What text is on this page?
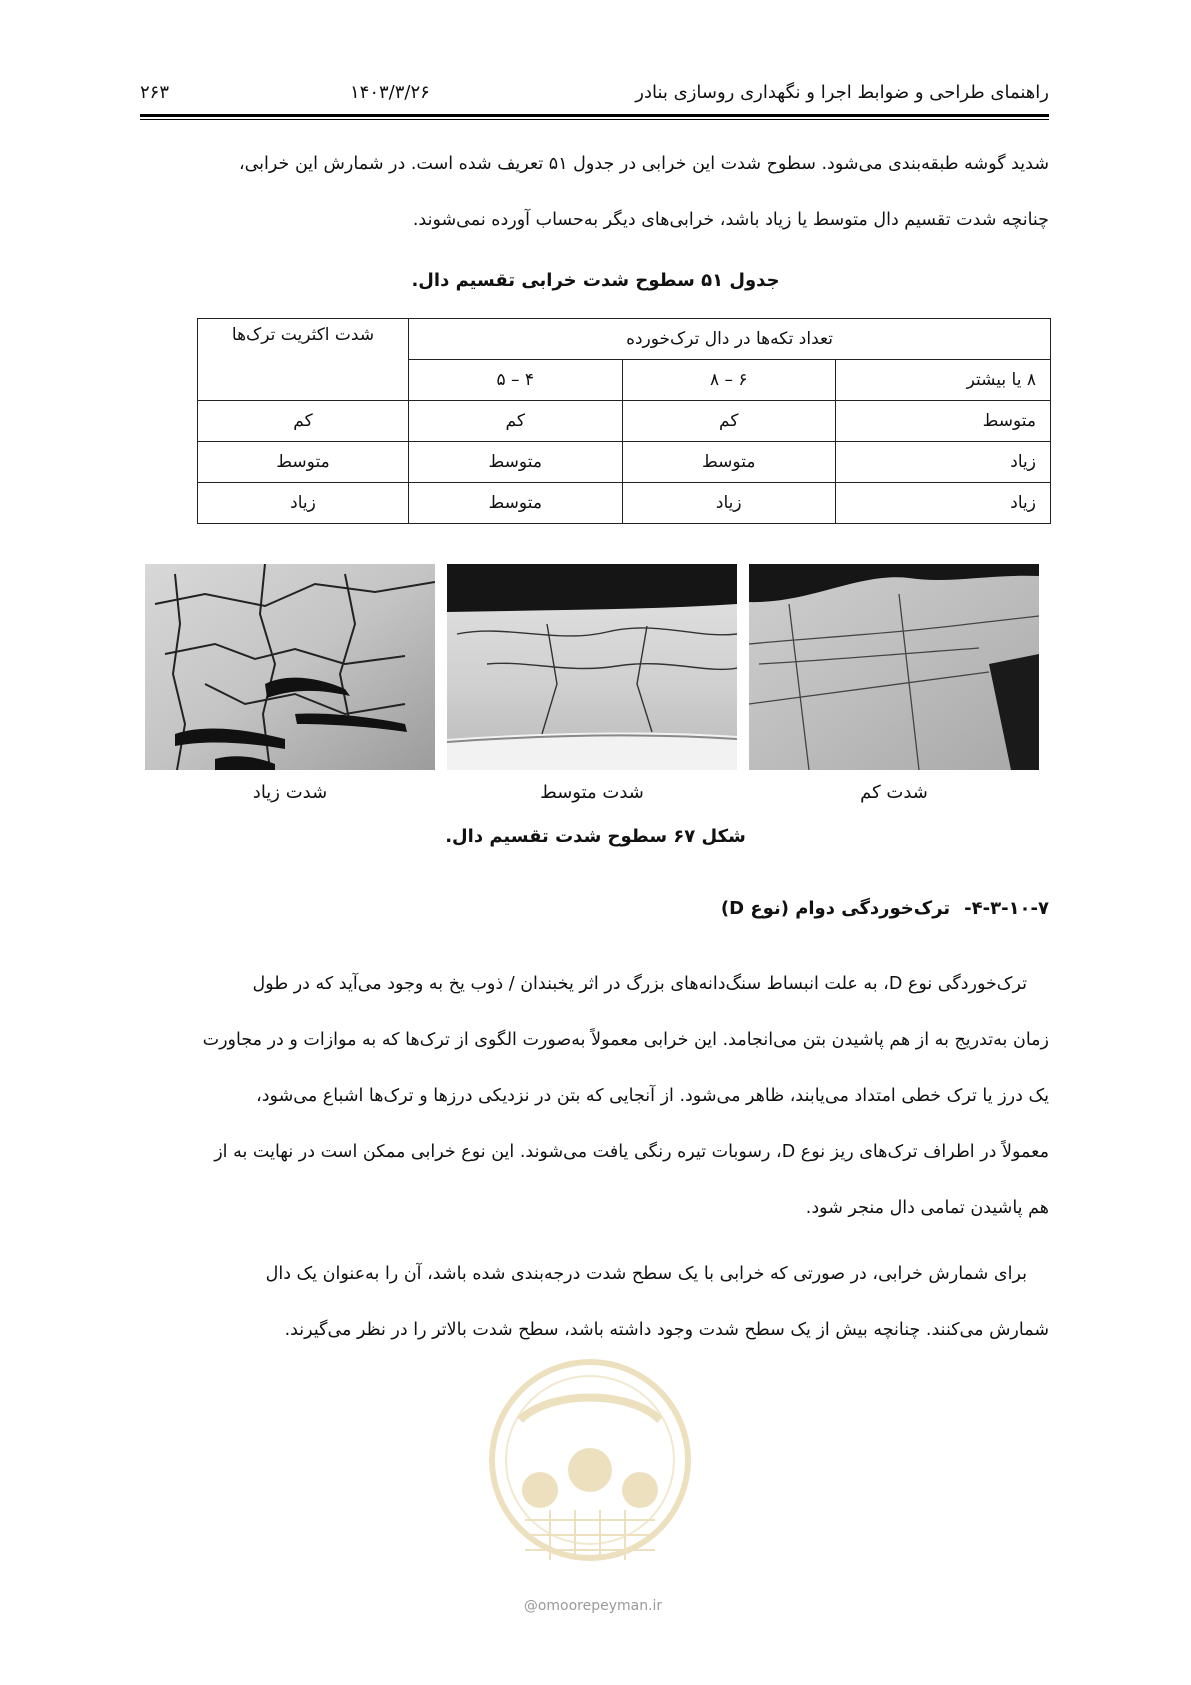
راهنمای طراحی و ضوابط اجرا و نگهداری روسازی بنادر
۱۴۰۳/۳/۲۶
۲۶۳
شدید گوشه طبقه‌بندی می‌شود. سطوح شدت این خرابی در جدول ۵۱ تعریف شده است. در شمارش این خرابی،
چنانچه شدت تقسیم دال متوسط یا زیاد باشد، خرابی‌های دیگر به‌حساب آورده نمی‌شوند.
جدول ۵۱ سطوح شدت خرابی تقسیم دال.
تعداد تکه‌ها در دال ترک‌خورده			شدت اکثریت ترک‌ها
۸ یا بیشتر	۶ – ۸	۴ – ۵	
متوسط	کم	کم	کم
زیاد	متوسط	متوسط	متوسط
زیاد	زیاد	متوسط	زیاد
شدت زیاد	شدت متوسط	شدت کم
شکل ۶۷ سطوح شدت تقسیم دال.
۴-۳-۱۰-۷-ترک‌خوردگی دوام (نوع D)
ترک‌خوردگی نوع D، به علت انبساط سنگ‌دانه‌های بزرگ در اثر یخبندان / ذوب یخ به وجود می‌آید که در طول
زمان به‌تدریج به از هم پاشیدن بتن می‌انجامد. این خرابی معمولاً به‌صورت الگوی از ترک‌ها که به موازات و در مجاورت
یک درز یا ترک خطی امتداد می‌یابند، ظاهر می‌شود. از آنجایی که بتن در نزدیکی درزها و ترک‌ها اشباع می‌شود،
معمولاً در اطراف ترک‌های ریز نوع D، رسوبات تیره رنگی یافت می‌شوند. این نوع خرابی ممکن است در نهایت به از
هم پاشیدن تمامی دال منجر شود.
برای شمارش خرابی، در صورتی که خرابی با یک سطح شدت درجه‌بندی شده باشد، آن را به‌عنوان یک دال
شمارش می‌کنند. چنانچه بیش از یک سطح شدت وجود داشته باشد، سطح شدت بالاتر را در نظر می‌گیرند.
@omoorepeyman.ir
